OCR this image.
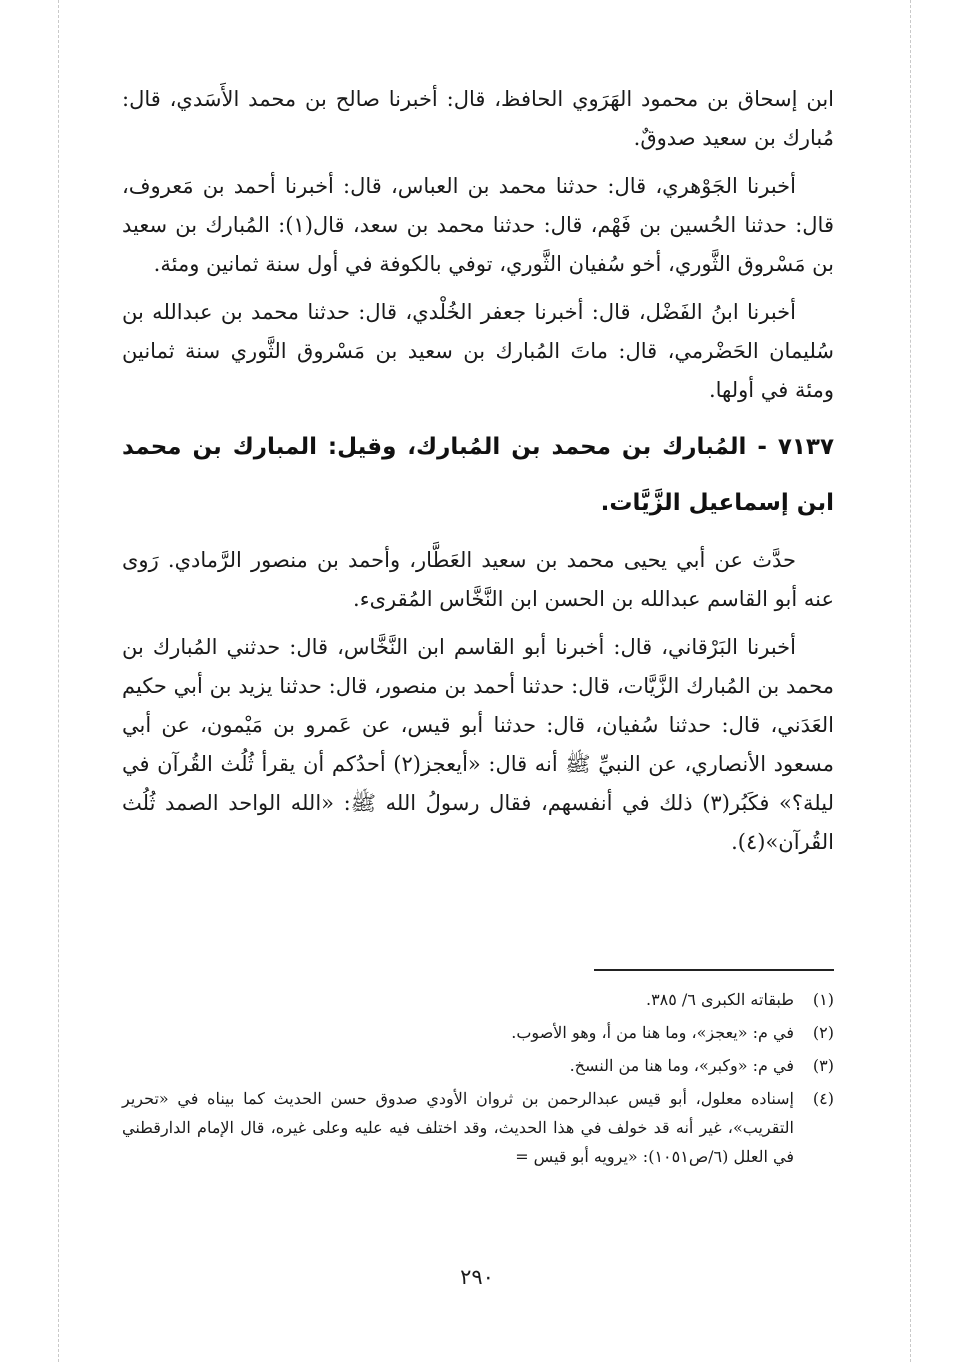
ابن إسحاق بن محمود الهَرَوي الحافظ، قال: أخبرنا صالح بن محمد الأَسَدي، قال: مُبارك بن سعيد صدوقٌ.

أخبرنا الجَوْهري، قال: حدثنا محمد بن العباس، قال: أخبرنا أحمد بن مَعروف، قال: حدثنا الحُسين بن فَهْم، قال: حدثنا محمد بن سعد، قال(١): المُبارك بن سعيد بن مَسْروق الثَّوري، أخو سُفيان الثَّوري، توفي بالكوفة في أول سنة ثمانين ومئة.

أخبرنا ابنُ الفَضْل، قال: أخبرنا جعفر الخُلْدي، قال: حدثنا محمد بن عبدالله بن سُليمان الحَضْرمي، قال: ماتَ المُبارك بن سعيد بن مَسْروق الثَّوري سنة ثمانين ومئة في أولها.

٧١٣٧ - المُبارك بن محمد بن المُبارك، وقيل: المبارك بن محمد ابن إسماعيل الزَّيَّات.

حدَّث عن أبي يحيى محمد بن سعيد العَطَّار، وأحمد بن منصور الرَّمادي. رَوى عنه أبو القاسم عبدالله بن الحسن ابن النَّخَّاس المُقرىء.

أخبرنا البَرْقاني، قال: أخبرنا أبو القاسم ابن النَّخَّاس، قال: حدثني المُبارك بن محمد بن المُبارك الزَّيَّات، قال: حدثنا أحمد بن منصور، قال: حدثنا يزيد بن أبي حكيم العَدَني، قال: حدثنا سُفيان، قال: حدثنا أبو قيس، عن عَمرو بن مَيْمون، عن أبي مسعود الأنصاري، عن النبيِّ ﷺ أنه قال: «أيعجز(٢) أحدُكم أن يقرأ ثُلُث القُرآن في ليلة؟» فكَبُر(٣) ذلك في أنفسهم، فقال رسولُ الله ﷺ: «الله الواحد الصمد ثُلُث القُرآن»(٤).

(١)
طبقاته الكبرى ٦/ ٣٨٥.
(٢)
في م: «يعجز»، وما هنا من أ، وهو الأصوب.
(٣)
في م: «وكبر»، وما هنا من النسخ.
(٤)
إسناده معلول، أبو قيس عبدالرحمن بن ثروان الأودي صدوق حسن الحديث كما بيناه في «تحرير التقريب»، غير أنه قد خولف في هذا الحديث، وقد اختلف فيه عليه وعلى غيره، قال الإمام الدارقطني في العلل (٦/ص١٠٥١): «يرويه أبو قيس =
٢٩٠
